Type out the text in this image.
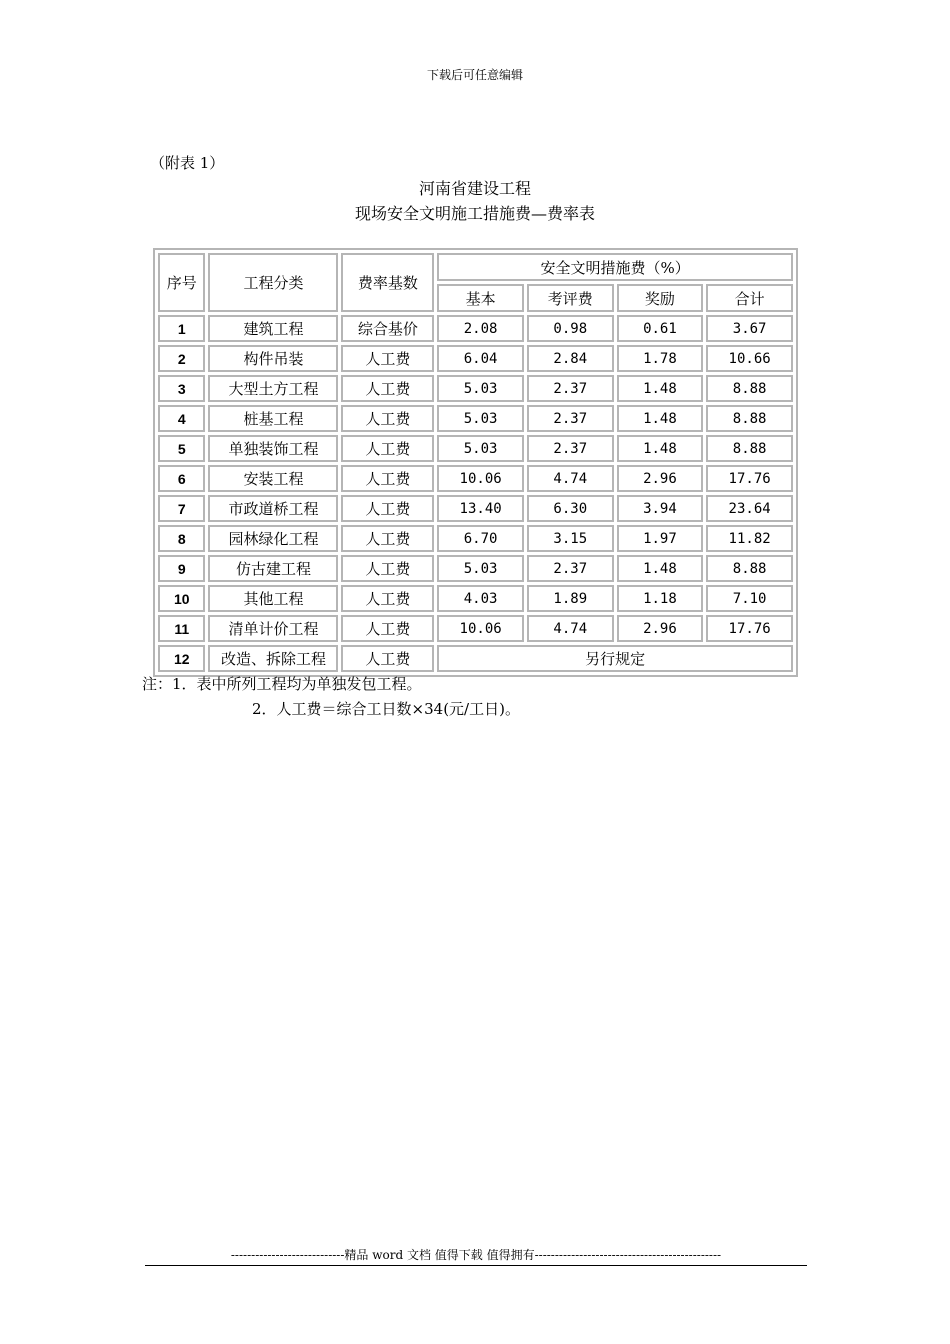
下载后可任意编辑
（附表 1）
河南省建设工程
现场安全文明施工措施费—费率表
序号	工程分类	费率基数	安全文明措施费（%）			
			基本	考评费	奖励	合计
1	建筑工程	综合基价	2.08	0.98	0.61	3.67
2	构件吊装	人工费	6.04	2.84	1.78	10.66
3	大型土方工程	人工费	5.03	2.37	1.48	8.88
4	桩基工程	人工费	5.03	2.37	1.48	8.88
5	单独装饰工程	人工费	5.03	2.37	1.48	8.88
6	安装工程	人工费	10.06	4.74	2.96	17.76
7	市政道桥工程	人工费	13.40	6.30	3.94	23.64
8	园林绿化工程	人工费	6.70	3.15	1.97	11.82
9	仿古建工程	人工费	5.03	2.37	1.48	8.88
10	其他工程	人工费	4.03	1.89	1.18	7.10
11	清单计价工程	人工费	10.06	4.74	2.96	17.76
12	改造、拆除工程	人工费	另行规定			
注：1．表中所列工程均为单独发包工程。
2．人工费＝综合工日数×34(元/工日)。
----------------------------精品 word 文档 值得下载 值得拥有----------------------------------------------
